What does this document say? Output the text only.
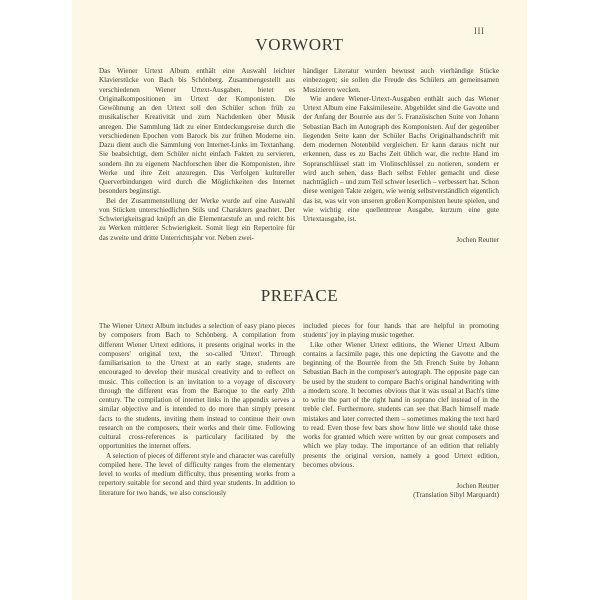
III
VORWORT

Das Wiener Urtext Album enthält eine Auswahl leichter Klavierstücke von Bach bis Schönberg. Zusammengestellt aus verschiedenen Wiener Urtext-Ausgaben, bietet es Originalkompositionen im Urtext der Komponisten. Die Gewöhnung an den Urtext soll den Schüler schon früh zu musikalischer Kreativität und zum Nachdenken über Musik anregen. Die Sammlung lädt zu einer Entdeckungsreise durch die verschiedenen Epochen vom Barock bis zur frühen Moderne ein. Dazu dient auch die Sammlung von Internet-Links im Textanhang. Sie beabsichtigt, dem Schüler nicht einfach Fakten zu servieren, sondern ihn zu eigenem Nachforschen über die Komponisten, ihre Werke und ihre Zeit anzuregen. Das Verfolgen kultureller Querverbindungen wird durch die Möglichkeiten des Internet besonders begünstigt.

Bei der Zusammenstellung der Werke wurde auf eine Auswahl von Stücken unterschiedlichen Stils und Charakters geachtet. Der Schwierigkeitsgrad knüpft an die Elementarstufe an und reicht bis zu Werken mittlerer Schwierigkeit. Somit liegt ein Repertoire für das zweite und dritte Unterrichtsjahr vor. Neben zwei-

händiger Literatur wurden bewusst auch vierhändige Stücke einbezogen; sie sollen die Freude des Schülers am gemeinsamen Musizieren wecken.

Wie andere Wiener-Urtext-Ausgaben enthält auch das Wiener Urtext Album eine Faksimileseite. Abgebildet sind die Gavotte und der Anfang der Bourrée aus der 5. Französischen Suite von Johann Sebastian Bach im Autograph des Komponisten. Auf der gegenüber liegenden Seite kann der Schüler Bachs Originalhandschrift mit dem modernen Notenbild vergleichen. Er kann daraus nicht nur erkennen, dass es zu Bachs Zeit üblich war, die rechte Hand im Sopranschlüssel statt im Violinschlüssel zu notieren, sondern er wird auch sehen, dass Bach selbst Fehler gemacht und diese nachträglich – und zum Teil schwer leserlich – verbessert hat. Schon diese wenigen Takte zeigen, wie wenig selbstverständlich eigentlich das ist, was wir von unseren großen Komponisten heute spielen, und wie wichtig eine quellentreue Ausgabe, kurzum eine gute Urtextausgabe, ist.

Jochen Reutter
PREFACE

The Wiener Urtext Album includes a selection of easy piano pieces by composers from Bach to Schönberg. A compilation from different Wiener Urtext editions, it presents original works in the composers' original text, the so-called 'Urtext'. Through familiarisation to the Urtext at an early stage, students are encouraged to develop their musical creativity and to reflect on music. This collection is an invitation to a voyage of discovery through the different eras from the Baroque to the early 20th century. The compilation of internet links in the appendix serves a similar objective and is intended to do more than simply present facts to the students, inviting them instead to continue their own research on the composers, their works and their time. Following cultural cross-references is particulary facilitated by the opportunities the internet offers.

A selection of pieces of different style and character was carefully compiled here. The level of difficulty ranges from the elementary level to works of medium difficulty, thus presenting works from a repertory suitable for second and third year students. In addition to literature for two hands, we also consciously

included pieces for four hands that are helpful in promoting students' joy in playing music together.

Like other Wiener Urtext editions, the Wiener Urtext Album contains a facsimile page, this one depicting the Gavotte and the beginning of the Bourrée from the 5th French Suite by Johann Sebastian Bach in the composer's autograph. The opposite page can be used by the student to compare Bach's original handwriting with a modern score. It becomes obvious that it was usual at Bach's time to write the part of the right hand in soprano clef instead of in the treble clef. Furthermore, students can see that Bach himself made mistakes and later corrected them – sometimes making the text hard to read. Even those few bars show how little we should take those works for granted which were written by our great composers and which we play today. The importance of an edition that reliably presents the original version, namely a good Urtext edition, becomes obvious.

Jochen Reutter
(Translation Sibyl Marquardt)
